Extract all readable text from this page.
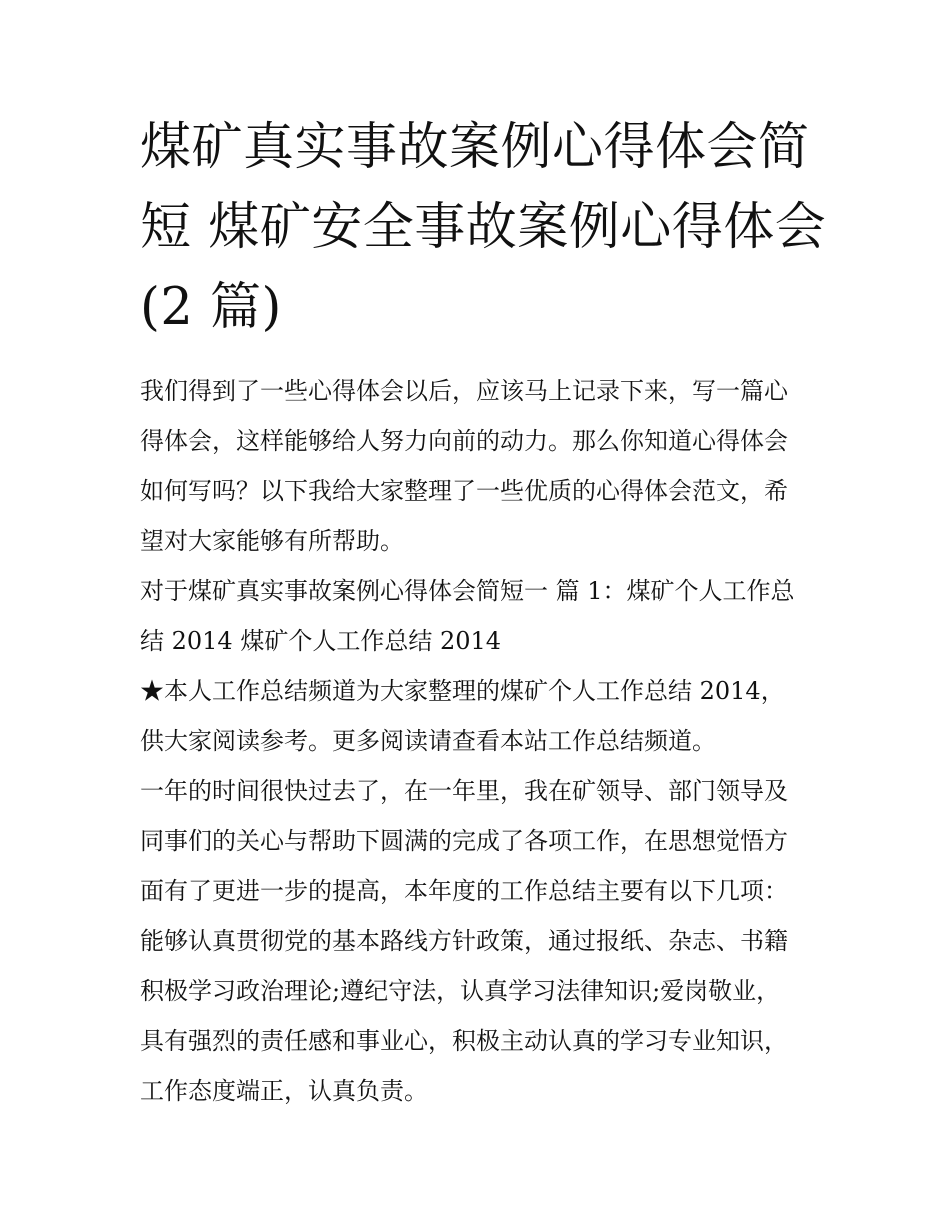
煤矿真实事故案例心得体会简
短 煤矿安全事故案例心得体会
(2 篇)

我们得到了一些心得体会以后，应该马上记录下来，写一篇心
得体会，这样能够给人努力向前的动力。那么你知道心得体会
如何写吗？以下我给大家整理了一些优质的心得体会范文，希
望对大家能够有所帮助。

对于煤矿真实事故案例心得体会简短一 篇 1：煤矿个人工作总
结 2014 煤矿个人工作总结 2014

★本人工作总结频道为大家整理的煤矿个人工作总结 2014，
供大家阅读参考。更多阅读请查看本站工作总结频道。

一年的时间很快过去了，在一年里，我在矿领导、部门领导及
同事们的关心与帮助下圆满的完成了各项工作，在思想觉悟方
面有了更进一步的提高，本年度的工作总结主要有以下几项：
能够认真贯彻党的基本路线方针政策，通过报纸、杂志、书籍
积极学习政治理论;遵纪守法，认真学习法律知识;爱岗敬业，
具有强烈的责任感和事业心，积极主动认真的学习专业知识，
工作态度端正，认真负责。
